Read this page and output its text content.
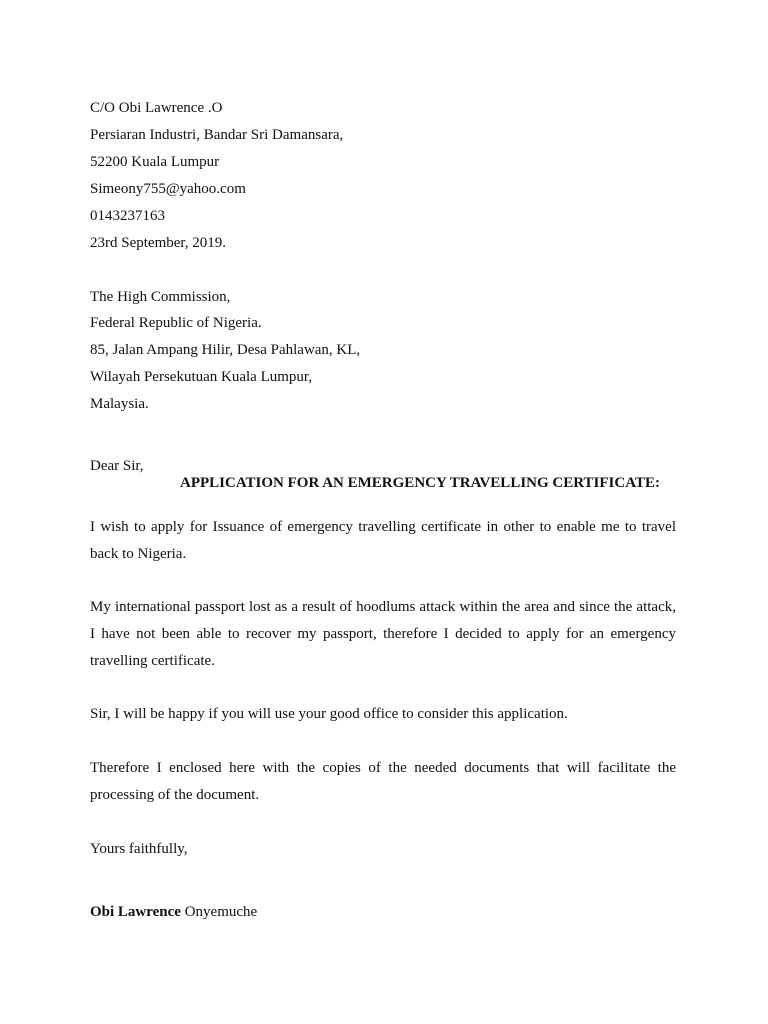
C/O Obi Lawrence .O
Persiaran Industri, Bandar Sri Damansara,
52200 Kuala Lumpur
Simeony755@yahoo.com
0143237163
23rd September, 2019.
The High Commission,
Federal Republic of Nigeria.
85, Jalan Ampang Hilir, Desa Pahlawan, KL,
Wilayah Persekutuan Kuala Lumpur,
Malaysia.
Dear Sir,
APPLICATION FOR AN EMERGENCY TRAVELLING CERTIFICATE:
I wish to apply for Issuance of emergency travelling certificate in other to enable me to travel back to Nigeria.
My international passport lost as a result of hoodlums attack within the area and since the attack, I have not been able to recover my passport, therefore I decided to apply for an emergency travelling certificate.
Sir, I will be happy if you will use your good office to consider this application.
Therefore I enclosed here with the copies of the needed documents that will facilitate the processing of the document.
Yours faithfully,
Obi Lawrence Onyemuche
